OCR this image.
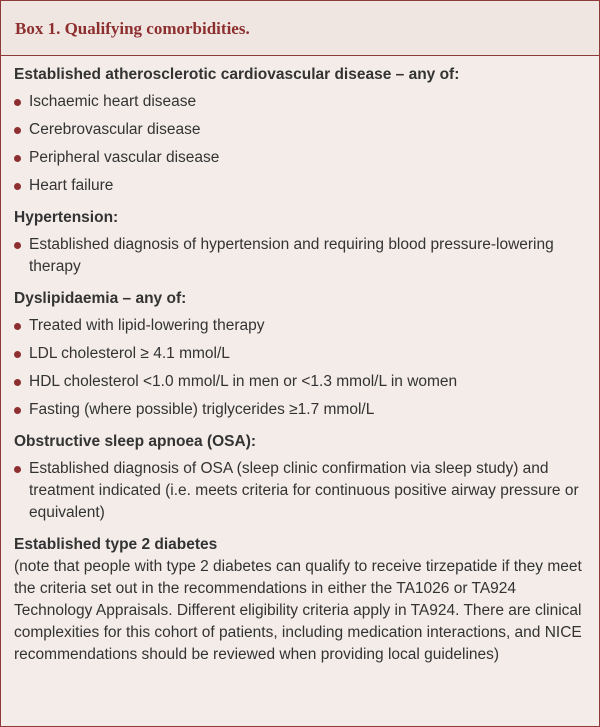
Box 1. Qualifying comorbidities.
Established atherosclerotic cardiovascular disease – any of:
Ischaemic heart disease
Cerebrovascular disease
Peripheral vascular disease
Heart failure
Hypertension:
Established diagnosis of hypertension and requiring blood pressure-lowering therapy
Dyslipidaemia – any of:
Treated with lipid-lowering therapy
LDL cholesterol ≥ 4.1 mmol/L
HDL cholesterol <1.0 mmol/L in men or <1.3 mmol/L in women
Fasting (where possible) triglycerides ≥1.7 mmol/L
Obstructive sleep apnoea (OSA):
Established diagnosis of OSA (sleep clinic confirmation via sleep study) and treatment indicated (i.e. meets criteria for continuous positive airway pressure or equivalent)
Established type 2 diabetes
(note that people with type 2 diabetes can qualify to receive tirzepatide if they meet the criteria set out in the recommendations in either the TA1026 or TA924 Technology Appraisals. Different eligibility criteria apply in TA924. There are clinical complexities for this cohort of patients, including medication interactions, and NICE recommendations should be reviewed when providing local guidelines)
